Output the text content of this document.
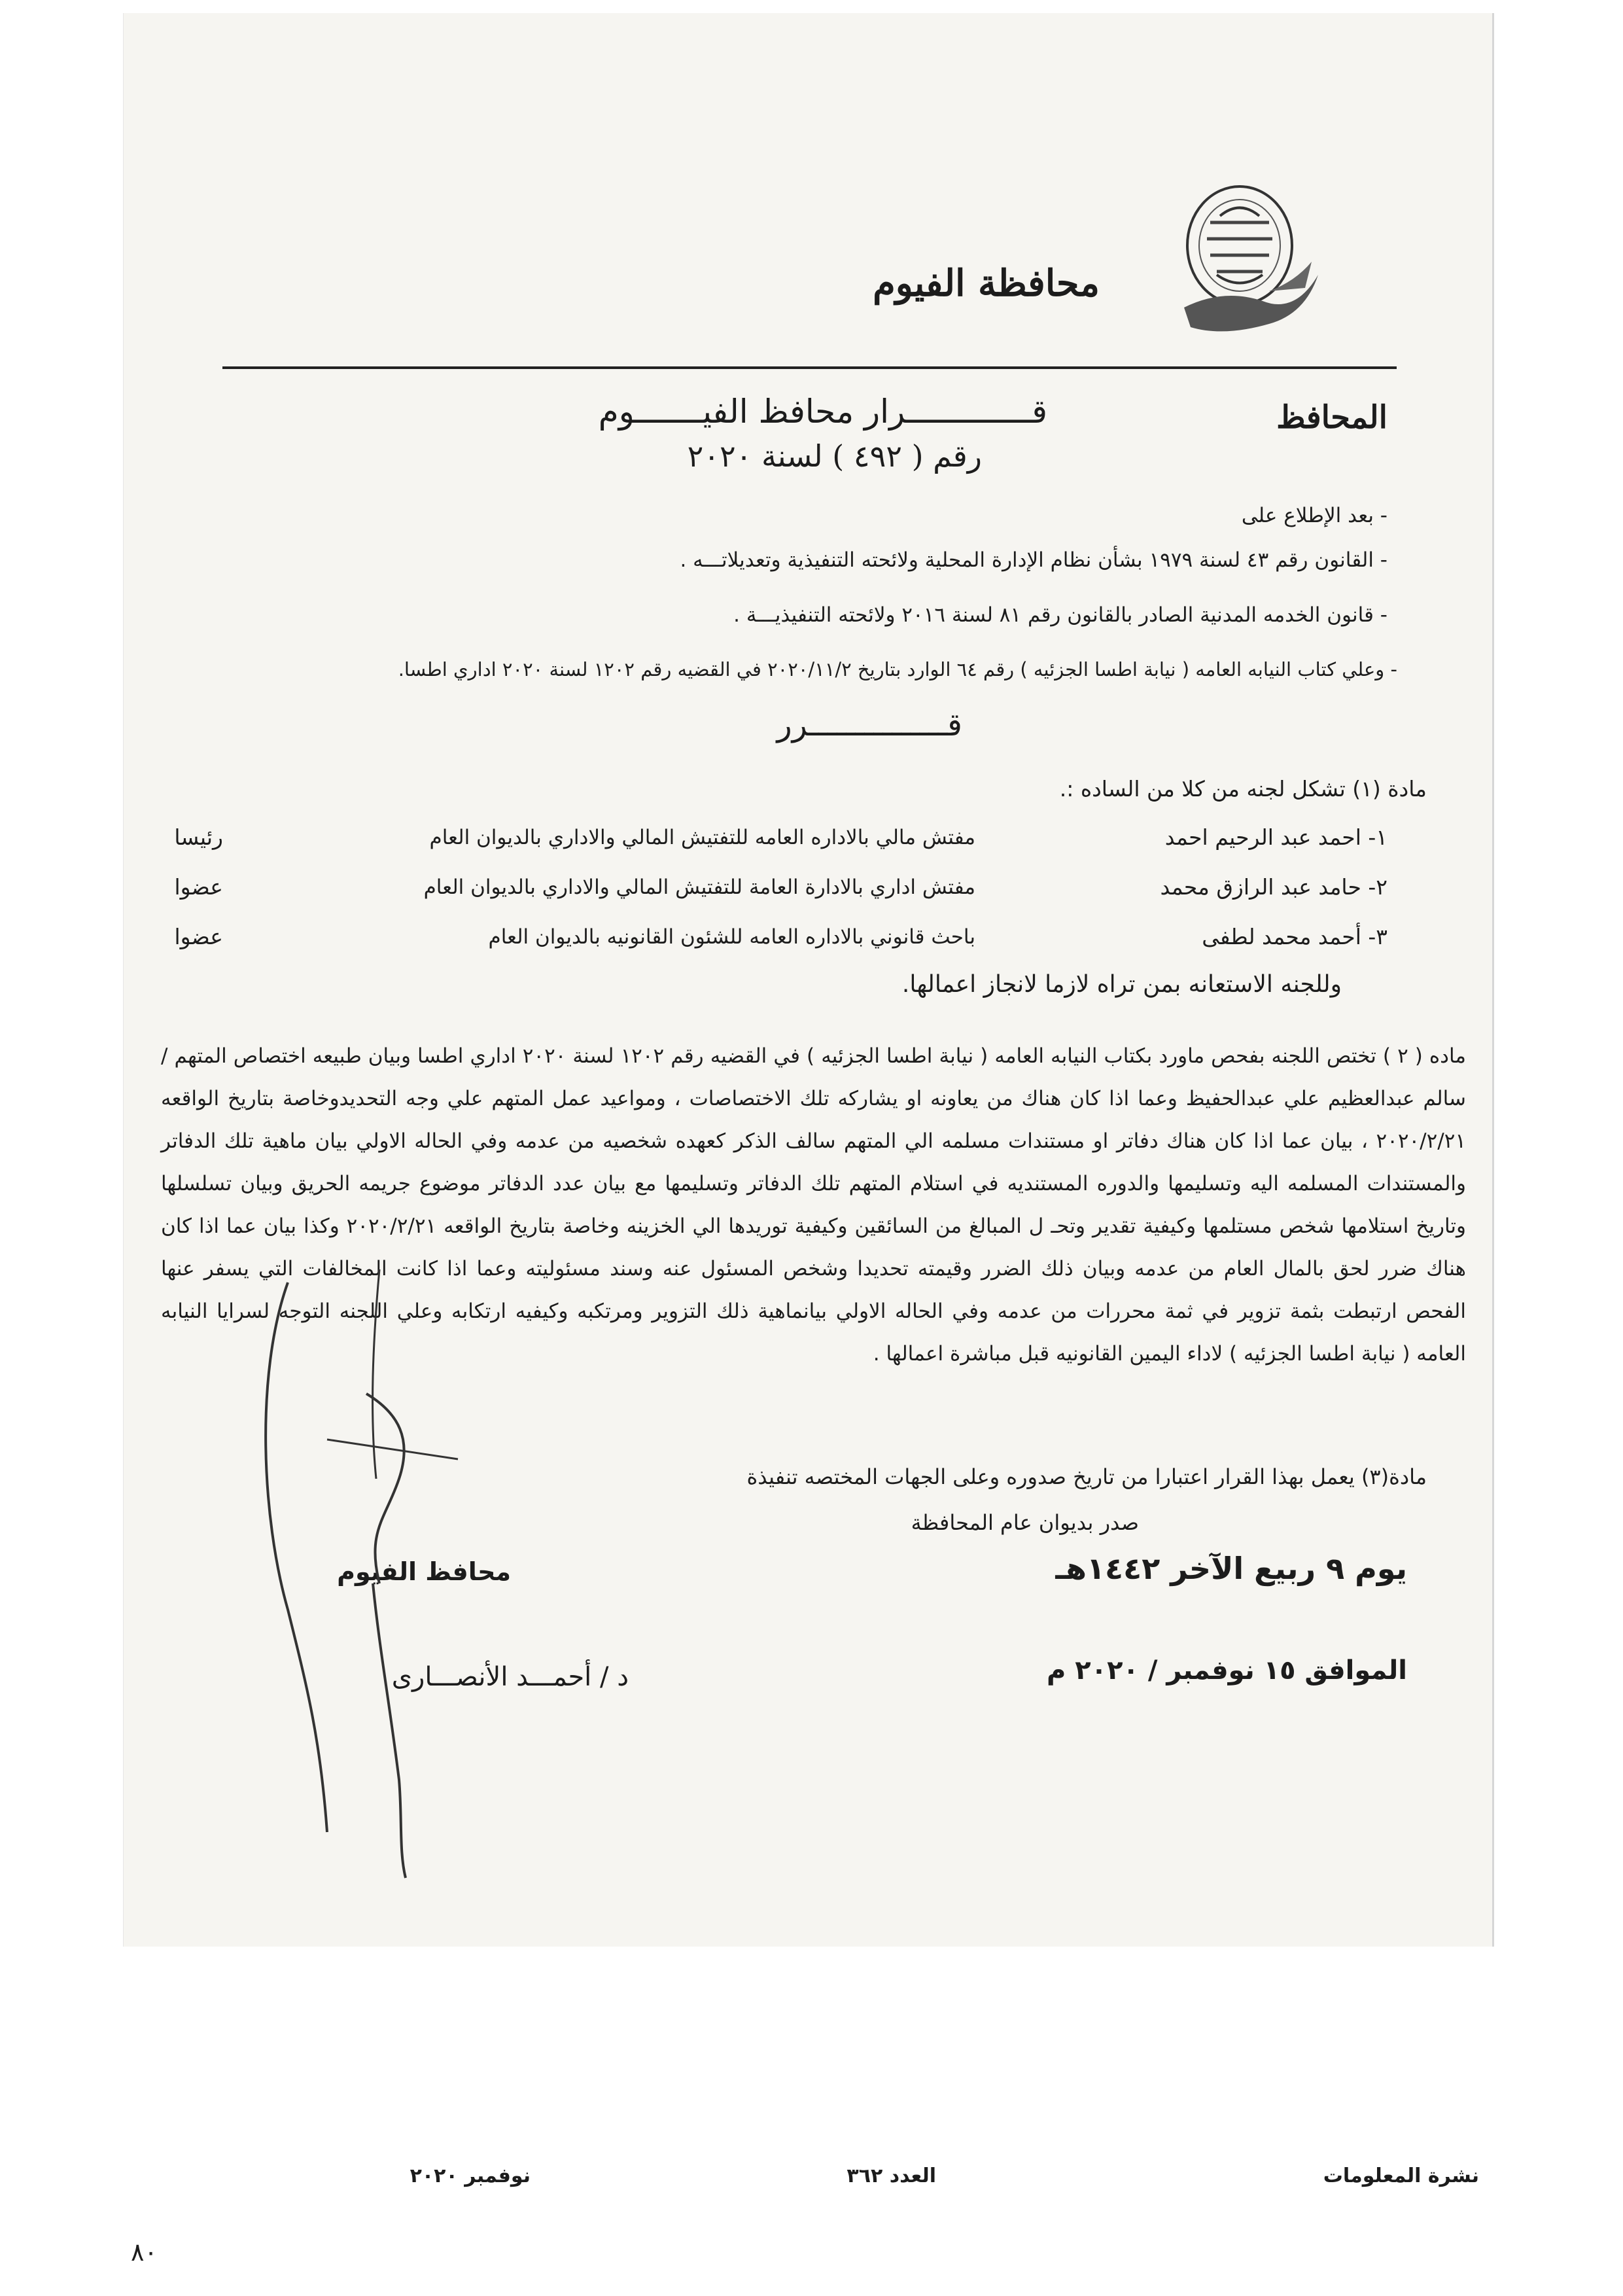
محافظة الفيوم
المحافظ
قـــــــــــــرار محافظ الفيـــــــوم
رقم ( ٤٩٢ ) لسنة ٢٠٢٠
- بعد الإطلاع على
- القانون رقم ٤٣ لسنة ١٩٧٩ بشأن نظام الإدارة المحلية ولائحته التنفيذية وتعديلاتـــه .
- قانون الخدمه المدنية الصادر بالقانون رقم ٨١ لسنة ٢٠١٦ ولائحته التنفيذيـــة .
- وعلي كتاب النيابه العامه ( نيابة اطسا الجزئيه ) رقم ٦٤ الوارد بتاريخ ٢٠٢٠/١١/٢ في القضيه رقم ١٢٠٢ لسنة ٢٠٢٠ اداري اطسا.
قـــــــــــــــرر
مادة (١) تشكل لجنه من كلا من الساده :.
١- احمد عبد الرحيم احمد
مفتش مالي بالاداره العامه للتفتيش المالي والاداري بالديوان العام
رئيسا
٢- حامد عبد الرازق محمد
مفتش اداري بالادارة العامة للتفتيش المالي والاداري بالديوان العام
عضوا
٣- أحمد محمد لطفى
باحث قانوني بالاداره العامه للشئون القانونيه بالديوان العام
عضوا
وللجنه الاستعانه بمن تراه لازما لانجاز اعمالها.
ماده ( ٢ ) تختص اللجنه بفحص ماورد بكتاب النيابه العامه ( نيابة اطسا الجزئيه ) في القضيه رقم ١٢٠٢ لسنة ٢٠٢٠ اداري اطسا وبيان طبيعه اختصاص المتهم / سالم عبدالعظيم علي عبدالحفيظ وعما اذا كان هناك من يعاونه او يشاركه تلك الاختصاصات ، ومواعيد عمل المتهم علي وجه التحديدوخاصة بتاريخ الواقعه ٢٠٢٠/٢/٢١ ، بيان عما اذا كان هناك دفاتر او مستندات مسلمه الي المتهم سالف الذكر كعهده شخصيه من عدمه وفي الحاله الاولي بيان ماهية تلك الدفاتر والمستندات المسلمه اليه وتسليمها والدوره المستنديه في استلام المتهم تلك الدفاتر وتسليمها مع بيان عدد الدفاتر موضوع جريمه الحريق وبيان تسلسلها وتاريخ استلامها شخص مستلمها وكيفية تقدير وتحـ ل المبالغ من السائقين وكيفية توريدها الي الخزينه وخاصة بتاريخ الواقعه ٢٠٢٠/٢/٢١ وكذا بيان عما اذا كان هناك ضرر لحق بالمال العام من عدمه وبيان ذلك الضرر وقيمته تحديدا وشخص المسئول عنه وسند مسئوليته وعما اذا كانت المخالفات التي يسفر عنها الفحص ارتبطت بثمة تزوير في ثمة محررات من عدمه وفي الحاله الاولي بيانماهية ذلك التزوير ومرتكبه وكيفيه ارتكابه وعلي اللجنه التوجه لسرايا النيابه العامه ( نيابة اطسا الجزئيه ) لاداء اليمين القانونيه قبل مباشرة اعمالها .
مادة(٣) يعمل بهذا القرار اعتبارا من تاريخ صدوره وعلى الجهات المختصه تنفيذة
صدر بديوان عام المحافظة
يوم ٩ ربيع الآخر ١٤٤٢هـ
الموافق ١٥ نوفمبر / ٢٠٢٠ م
محافظ الفيوم
د / أحمـــد الأنصـــارى
نشرة المعلومات
العدد ٣٦٢
نوفمبر ٢٠٢٠
٨٠
